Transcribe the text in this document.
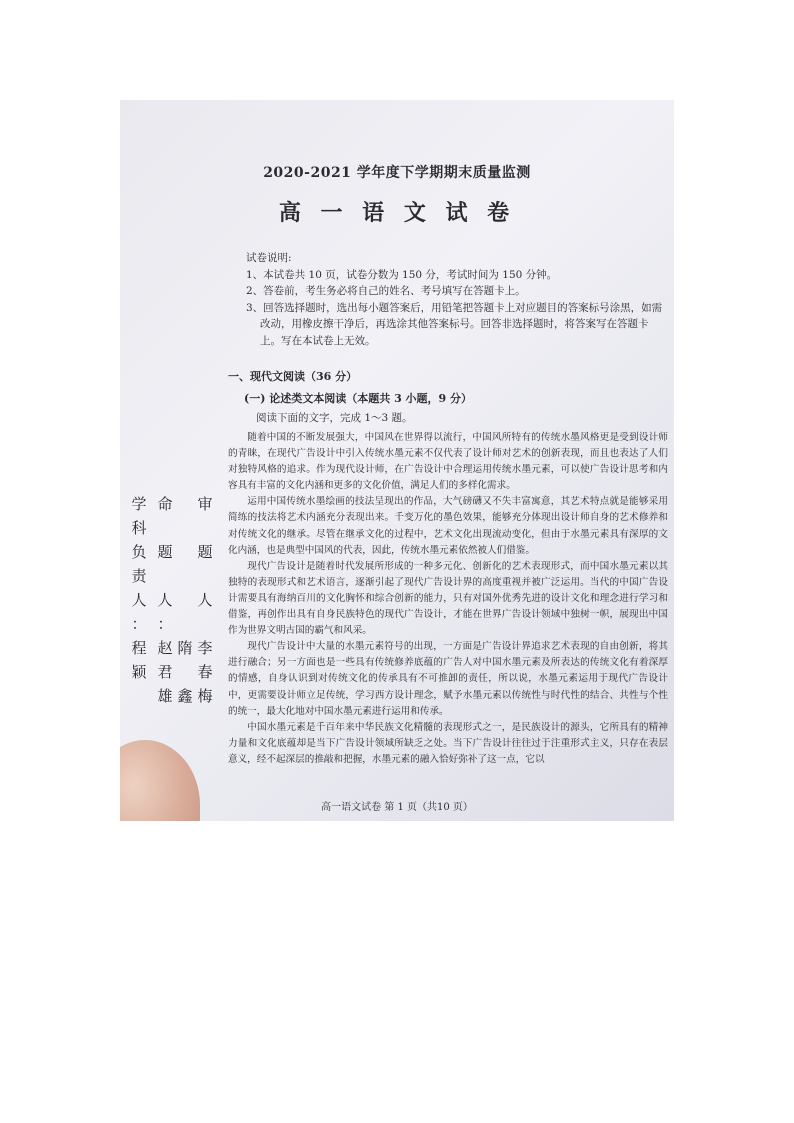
2020-2021 学年度下学期期末质量监测
高 一 语 文 试 卷

试卷说明:

1、本试卷共 10 页，试卷分数为 150 分，考试时间为 150 分钟。

2、答卷前，考生务必将自己的姓名、考号填写在答题卡上。

3、回答选择题时，选出每小题答案后，用铅笔把答题卡上对应题目的答案标号涂黑，如需改动，用橡皮擦干净后，再选涂其他答案标号。回答非选择题时，将答案写在答题卡上。写在本试卷上无效。

一、现代文阅读（36 分）
(一) 论述类文本阅读（本题共 3 小题，9 分）
阅读下面的文字，完成 1～3 题。

随着中国的不断发展强大，中国风在世界得以流行，中国风所特有的传统水墨风格更是受到设计师的青睐，在现代广告设计中引入传统水墨元素不仅代表了设计师对艺术的创新表现，而且也表达了人们对独特风格的追求。作为现代设计师，在广告设计中合理运用传统水墨元素，可以使广告设计思考和内容具有丰富的文化内涵和更多的文化价值，满足人们的多样化需求。

运用中国传统水墨绘画的技法呈现出的作品，大气磅礴又不失丰富寓意，其艺术特点就是能够采用简练的技法将艺术内涵充分表现出来。千变万化的墨色效果，能够充分体现出设计师自身的艺术修养和对传统文化的继承。尽管在继承文化的过程中，艺术文化出现流动变化，但由于水墨元素具有深厚的文化内涵，也是典型中国风的代表，因此，传统水墨元素依然被人们借鉴。

现代广告设计是随着时代发展所形成的一种多元化、创新化的艺术表现形式，而中国水墨元素以其独特的表现形式和艺术语言，逐渐引起了现代广告设计界的高度重视并被广泛运用。当代的中国广告设计需要具有海纳百川的文化胸怀和综合创新的能力，只有对国外优秀先进的设计文化和理念进行学习和借鉴，再创作出具有自身民族特色的现代广告设计，才能在世界广告设计领域中独树一帜，展现出中国作为世界文明古国的霸气和风采。

现代广告设计中大量的水墨元素符号的出现，一方面是广告设计界追求艺术表现的自由创新，将其进行融合；另一方面也是一些具有传统修养底蕴的广告人对中国水墨元素及所表达的传统文化有着深厚的情感，自身认识到对传统文化的传承具有不可推卸的责任，所以说，水墨元素运用于现代广告设计中，更需要设计师立足传统，学习西方设计理念，赋予水墨元素以传统性与时代性的结合、共性与个性的统一，最大化地对中国水墨元素进行运用和传承。

中国水墨元素是千百年来中华民族文化精髓的表现形式之一，是民族设计的源头，它所具有的精神力量和文化底蕴却是当下广告设计领域所缺乏之处。当下广告设计往往过于注重形式主义，只存在表层意义，经不起深层的推敲和把握，水墨元素的融入恰好弥补了这一点，它以

学
科
负
责
人
：
程
颖
命
题
人
：
赵
君
雄
隋
鑫
审
题
人
李
春
梅
高一语文试卷 第 1 页（共10 页）
